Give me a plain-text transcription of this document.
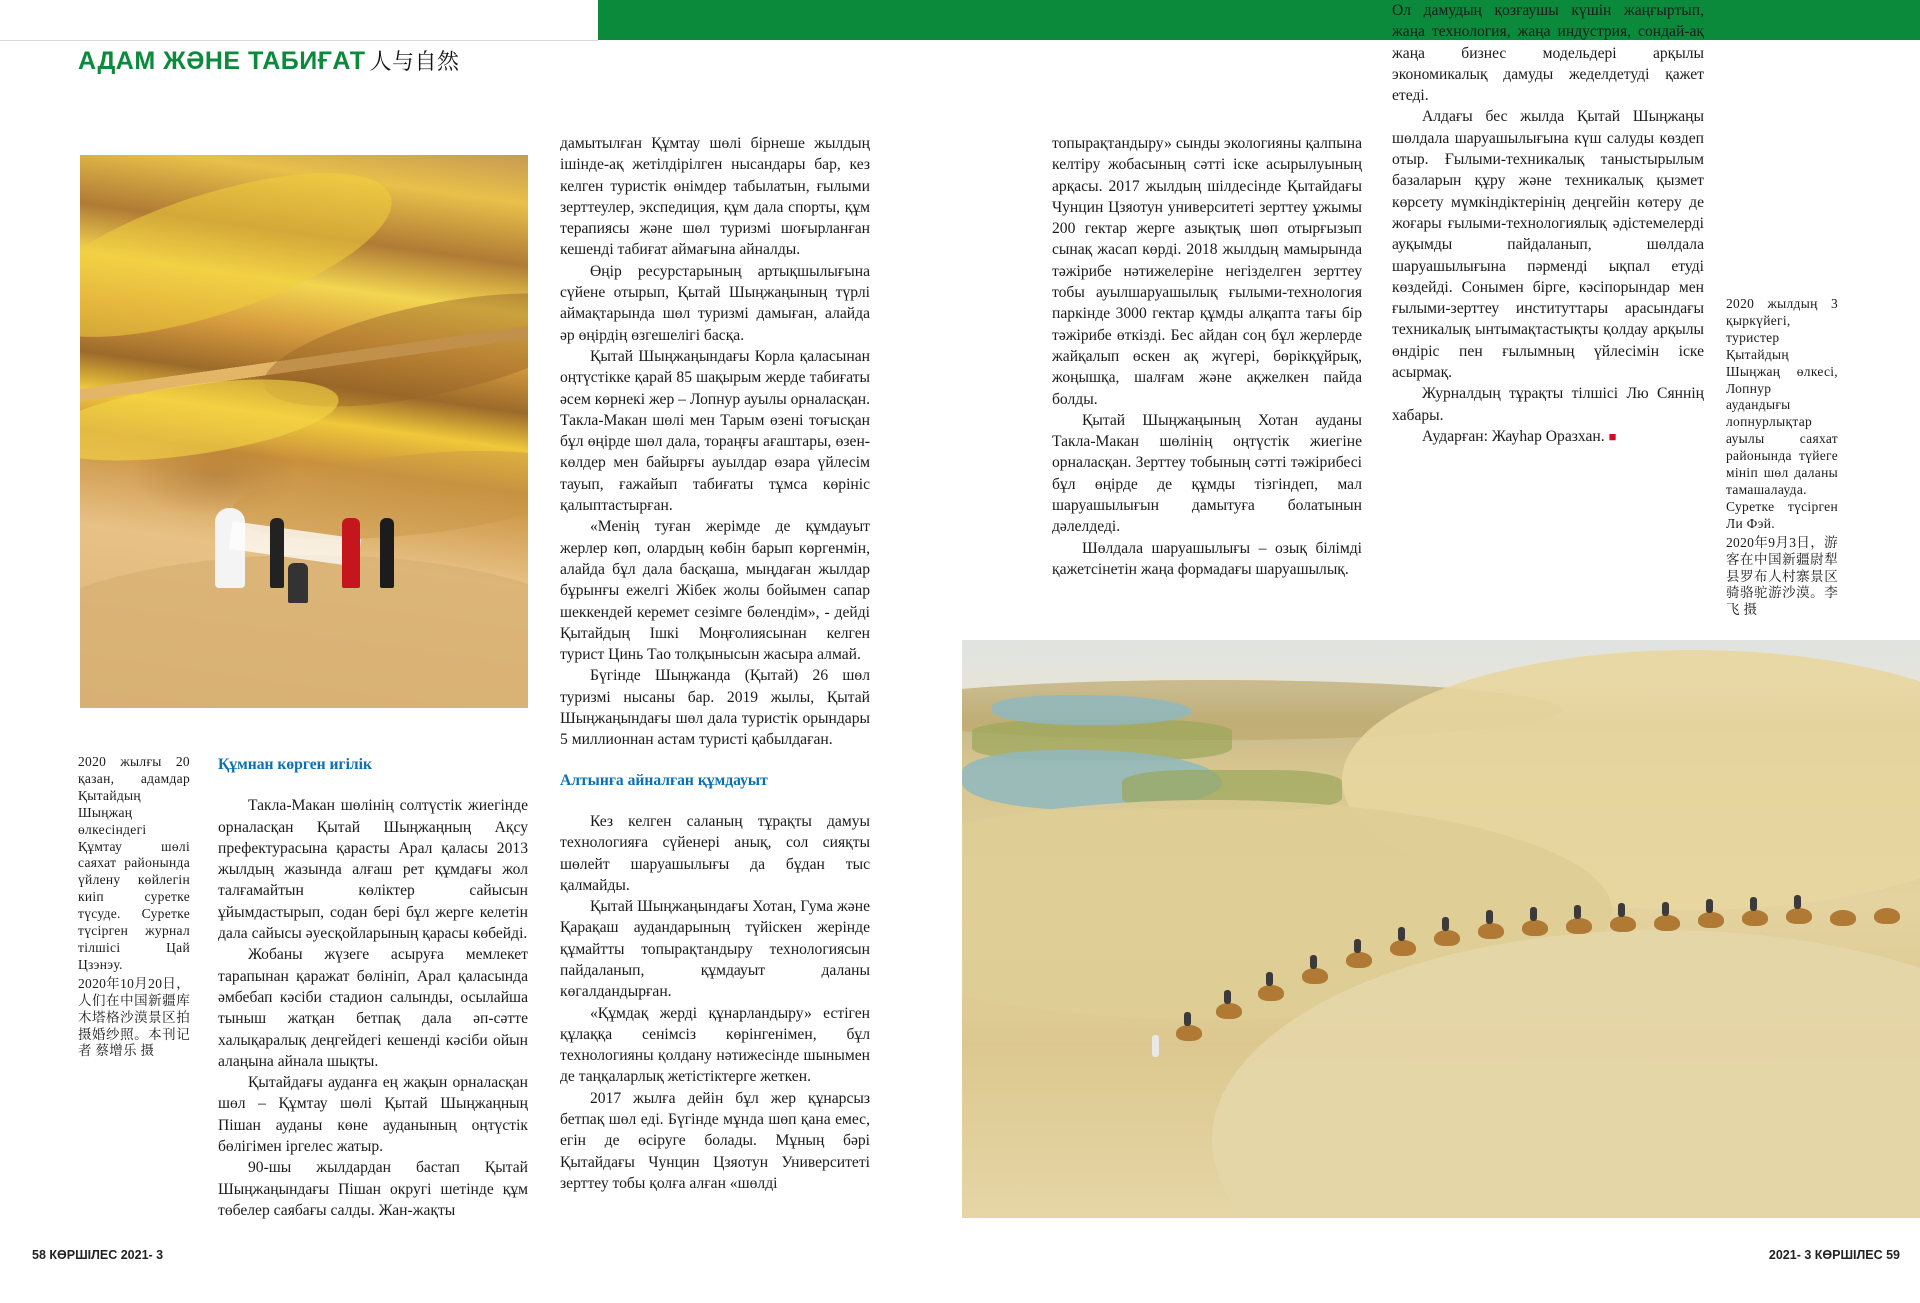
АДАМ ЖӘНЕ ТАБИҒАТ 人与自然
2020 жылғы 20 қазан, адамдар Қытайдың Шыңжаң өлкесіндегі Құмтау шөлі саяхат районында үйлену көйлегін киіп суретке түсуде. Суретке түсірген журнал тілшісі Цай Цзэнэу.
2020年10月20日，人们在中国新疆库木塔格沙漠景区拍摄婚纱照。本刊记者 蔡增乐 摄
Құмнан көрген игілік

Такла-Макан шөлінің солтүстік жиегінде орналасқан Қытай Шыңжаңның Ақсу префектурасына қарасты Арал қаласы 2013 жылдың жазында алғаш рет құмдағы жол талғамайтын көліктер сайысын ұйымдастырып, содан бері бұл жерге келетін дала сайысы әуесқойларының қарасы көбейді.

Жобаны жүзеге асыруға мемлекет тарапынан қаражат бөлініп, Арал қаласында әмбебап кәсіби стадион салынды, осылайша тыныш жатқан бетпақ дала әп-сәтте халықаралық деңгейдегі кешенді кәсіби ойын алаңына айнала шықты.

Қытайдағы ауданға ең жақын орналасқан шөл – Құмтау шөлі Қытай Шыңжаңның Пішан ауданы көне ауданының оңтүстік бөлігімен іргелес жатыр.

90-шы жылдардан бастап Қытай Шыңжаңындағы Пішан округі шетінде құм төбелер саябағы салды. Жан-жақты

дамытылған Құмтау шөлі бірнеше жылдың ішінде-ақ жетілдірілген нысандары бар, кез келген туристік өнімдер табылатын, ғылыми зерттеулер, экспедиция, құм дала спорты, құм терапиясы және шөл туризмі шоғырланған кешенді табиғат аймағына айналды.

Өңір ресурстарының артықшылығына сүйене отырып, Қытай Шыңжаңының түрлі аймақтарында шөл туризмі дамыған, алайда әр өңірдің өзгешелігі басқа.

Қытай Шыңжаңындағы Корла қаласынан оңтүстікке қарай 85 шақырым жерде табиғаты әсем көрнекі жер – Лопнур ауылы орналасқан. Такла-Макан шөлі мен Тарым өзені тоғысқан бұл өңірде шөл дала, тораңғы ағаштары, өзен-көлдер мен байырғы ауылдар өзара үйлесім тауып, ғажайып табиғаты тұмса көрініс қалыптастырған.

«Менің туған жерімде де құмдауыт жерлер көп, олардың көбін барып көргенмін, алайда бұл дала басқаша, мыңдаған жылдар бұрынғы ежелгі Жібек жолы бойымен сапар шеккендей керемет сезімге бөлендім», - дейді Қытайдың Ішкі Моңғолиясынан келген турист Цинь Тао толқынысын жасыра алмай.

Бүгінде Шыңжанда (Қытай) 26 шөл туризмі нысаны бар. 2019 жылы, Қытай Шыңжаңындағы шөл дала туристік орындары 5 миллионнан астам туристі қабылдаған.

Алтынға айналған құмдауыт

Кез келген саланың тұрақты дамуы технологияға сүйенері анық, сол сияқты шөлейт шаруашылығы да бұдан тыс қалмайды.

Қытай Шыңжаңындағы Хотан, Гума және Қарақаш аудандарының түйіскен жерінде құмайтты топырақтандыру технологиясын пайдаланып, құмдауыт даланы көгалдандырған.

«Құмдақ жерді құнарландыру» естіген құлаққа сенімсіз көрінгенімен, бұл технологияны қолдану нәтижесінде шынымен де таңқаларлық жетістіктерге жеткен.

2017 жылға дейін бұл жер құнарсыз бетпақ шөл еді. Бүгінде мұнда шөп қана емес, егін де өсіруге болады. Мұның бәрі Қытайдағы Чунцин Цзяотун Университеті зерттеу тобы қолға алған «шөлді

топырақтандыру» сынды экологияны қалпына келтіру жобасының сәтті іске асырылуының арқасы. 2017 жылдың шілдесінде Қытайдағы Чунцин Цзяотун университеті зерттеу ұжымы 200 гектар жерге азықтық шөп отырғызып сынақ жасап көрді. 2018 жылдың мамырында тәжірибе нәтижелеріне негізделген зерттеу тобы ауылшаруашылық ғылыми-технология паркінде 3000 гектар құмды алқапта тағы бір тәжірибе өткізді. Бес айдан соң бұл жерлерде жайқалып өскен ақ жүгері, бөрікқұйрық, жоңышқа, шалғам және ақжелкен пайда болды.

Қытай Шыңжаңының Хотан ауданы Такла-Макан шөлінің оңтүстік жиегіне орналасқан. Зерттеу тобының сәтті тәжірибесі бұл өңірде де құмды тізгіндеп, мал шаруашылығын дамытуға болатынын дәлелдеді.

Шөлдала шаруашылығы – озық білімді қажетсінетін жаңа формадағы шаруашылық.

Ол дамудың қозғаушы күшін жаңғыртып, жаңа технология, жаңа индустрия, сондай-ақ жаңа бизнес модельдері арқылы экономикалық дамуды жеделдетуді қажет етеді.

Алдағы бес жылда Қытай Шыңжаңы шөлдала шаруашылығына күш салуды көздеп отыр. Ғылыми-техникалық таныстырылым базаларын құру және техникалық қызмет көрсету мүмкіндіктерінің деңгейін көтеру де жоғары ғылыми-технологиялық әдістемелерді ауқымды пайдаланып, шөлдала шаруашылығына пәрменді ықпал етуді көздейді. Сонымен бірге, кәсіпорындар мен ғылыми-зерттеу институттары арасындағы техникалық ынтымақтастықты қолдау арқылы өндіріс пен ғылымның үйлесімін іске асырмақ.

Журналдың тұрақты тілшісі Лю Сяннің хабары.

Аударған: Жауһар Оразхан. ■

2020 жылдың 3 қыркүйегі, туристер Қытайдың Шыңжаң өлкесі, Лопнур аудандығы лопнурлықтар ауылы саяхат районында түйеге мініп шөл даланы тамашалауда. Суретке түсірген Ли Фэй.
2020年9月3日，游客在中国新疆尉犁县罗布人村寨景区骑骆驼游沙漠。李飞 摄
58 КӨРШІЛЕС 2021- 3	2021- 3 КӨРШІЛЕС 59
